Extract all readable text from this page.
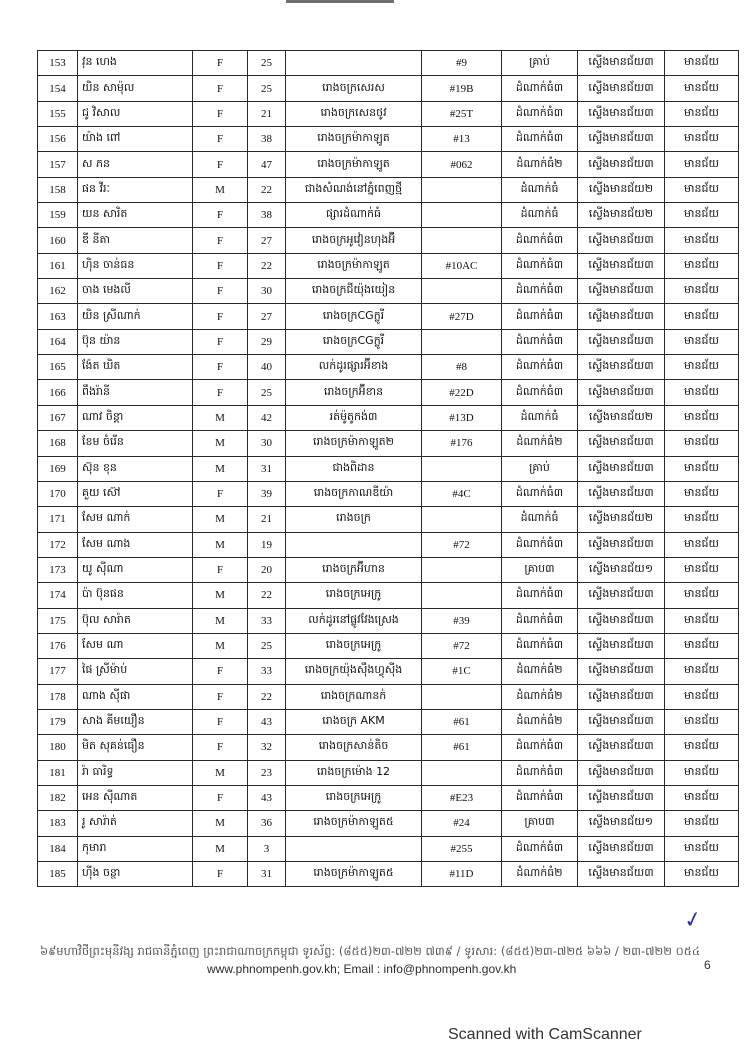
153	វុន ហេង	F	25		#9	គ្រាប់	ស្ទើងមានជ័យ៣	មានជ័យ
154	យិន សាម៉ុល	F	25	រោងចក្រសេរស	#19B	ដំណាក់ធំ៣	ស្ទើងមានជ័យ៣	មានជ័យ
155	ជូ វិសាល	F	21	រោងចក្រសេនថូវ	#25T	ដំណាក់ធំ៣	ស្ទើងមានជ័យ៣	មានជ័យ
156	យ៉ាង ពៅ	F	38	រោងចក្រម៉ាកាឡូត	#13	ដំណាក់ធំ៣	ស្ទើងមានជ័យ៣	មានជ័យ
157	ស ភន	F	47	រោងចក្រម៉ាកាឡូត	#062	ដំណាក់ធំ២	ស្ទើងមានជ័យ៣	មានជ័យ
158	ផន វីរៈ	M	22	ជាងសំណង់នៅភ្នំពេញថ្មី		ដំណាក់ធំ	ស្ទើងមានជ័យ២	មានជ័យ
159	យន សារិត	F	38	ផ្សារដំណាក់ធំ		ដំណាក់ធំ	ស្ទើងមានជ័យ២	មានជ័យ
160	ឌី នីតា	F	27	រោងចក្រអូវៀនហុងអ៊ី		ដំណាក់ធំ៣	ស្ទើងមានជ័យ៣	មានជ័យ
161	ហ៊ិន ចាន់ធន	F	22	រោងចក្រម៉ាកាឡូត	#10AC	ដំណាក់ធំ៣	ស្ទើងមានជ័យ៣	មានជ័យ
162	ចាង មេងលី	F	30	រោងចក្រជីយ៉ុងយៀន		ដំណាក់ធំ៣	ស្ទើងមានជ័យ៣	មានជ័យ
163	យិន ស្រីណាក់	F	27	រោងចក្រCGក្លូរី	#27D	ដំណាក់ធំ៣	ស្ទើងមានជ័យ៣	មានជ័យ
164	ប៊ុន យ៉ាន	F	29	រោងចក្រCGក្លូរី		ដំណាក់ធំ៣	ស្ទើងមានជ័យ៣	មានជ័យ
165	ង៉ែត ឃិត	F	40	លក់ដូរផ្សារអ៊ីខាង	#8	ដំណាក់ធំ៣	ស្ទើងមានជ័យ៣	មានជ័យ
166	ពឹងរ៉ានី	F	25	រោងចក្រអ៊ីខាន	#22D	ដំណាក់ធំ៣	ស្ទើងមានជ័យ៣	មានជ័យ
167	ណាវ ចិន្តា	M	42	រត់ម៉ូតូកង់៣	#13D	ដំណាក់ធំ	ស្ទើងមានជ័យ២	មានជ័យ
168	ខែម ចំរើន	M	30	រោងចក្រម៉ាកាឡូត២	#176	ដំណាក់ធំ២	ស្ទើងមានជ័យ៣	មានជ័យ
169	ស៊ុន ខុន	M	31	ជាងពិដាន		គ្រាប់	ស្ទើងមានជ័យ៣	មានជ័យ
170	គួយ ស៊ៅ	F	39	រោងចក្រកាណឌីយ៉ា	#4C	ដំណាក់ធំ៣	ស្ទើងមានជ័យ៣	មានជ័យ
171	សែម ណាក់	M	21	រោងចក្រ		ដំណាក់ធំ	ស្ទើងមានជ័យ២	មានជ័យ
172	សែម ណាង	M	19		#72	ដំណាក់ធំ៣	ស្ទើងមានជ័យ៣	មានជ័យ
173	យូ ស៊ីណា	F	20	រោងចក្រអ៊ីហាន		គ្រាប៣	ស្ទើងមានជ័យ១	មានជ័យ
174	ប៉ា ប៊ុនផន	M	22	រោងចក្រអេក្រូ		ដំណាក់ធំ៣	ស្ទើងមានជ័យ៣	មានជ័យ
175	ប៊ុល សារ៉ាត	M	33	លក់ដូរនៅផ្លូវវែងស្រេង	#39	ដំណាក់ធំ៣	ស្ទើងមានជ័យ៣	មានជ័យ
176	សែម ណា	M	25	រោងចក្រអេក្រូ	#72	ដំណាក់ធំ៣	ស្ទើងមានជ័យ៣	មានជ័យ
177	ផៃ ស្រីម៉ាប់	F	33	រោងចក្រយ៉ុងស៊ឹងហ្វុស៊ីង	#1C	ដំណាក់ធំ២	ស្ទើងមានជ័យ៣	មានជ័យ
178	ណាង ស៊ីផា	F	22	រោងចក្រណានក់		ដំណាក់ធំ២	ស្ទើងមានជ័យ៣	មានជ័យ
179	សាង គីមយឿន	F	43	រោងចក្រ AKM	#61	ដំណាក់ធំ២	ស្ទើងមានជ័យ៣	មានជ័យ
180	មិត សុគន់ធឿន	F	32	រោងចក្រសាន់តិច	#61	ដំណាក់ធំ៣	ស្ទើងមានជ័យ៣	មានជ័យ
181	រ៉ា ធារិទ្ធ	M	23	រោងចក្រម៉ោង 12		ដំណាក់ធំ៣	ស្ទើងមានជ័យ៣	មានជ័យ
182	អេន ស៊ីណាត	F	43	រោងចក្រអេក្រូ	#E23	ដំណាក់ធំ៣	ស្ទើងមានជ័យ៣	មានជ័យ
183	រូ សារ៉ាត់	M	36	រោងចក្រម៉ាកាឡូត៥	#24	គ្រាប៣	ស្ទើងមានជ័យ១	មានជ័យ
184	កុមារា	M	3		#255	ដំណាក់ធំ៣	ស្ទើងមានជ័យ៣	មានជ័យ
185	ហ៊ីង ចន្ថា	F	31	រោងចក្រម៉ាកាឡូត៥	#11D	ដំណាក់ធំ២	ស្ទើងមានជ័យ៣	មានជ័យ
✓
៦៩មហាវិថីព្រះមុនីវង្ស រាជធានីភ្នំពេញ ព្រះរាជាណាចក្រកម្ពុជា ទូរស័ព្ទ: (៨៥៥)២៣-៧២២ ៧៣៩ / ទូរសារ: (៨៥៥)២៣-៧២៥ ៦៦៦ / ២៣-៧២២ ០៥៤
www.phnompenh.gov.kh; Email : info@phnompenh.gov.kh	6
Scanned with CamScanner
